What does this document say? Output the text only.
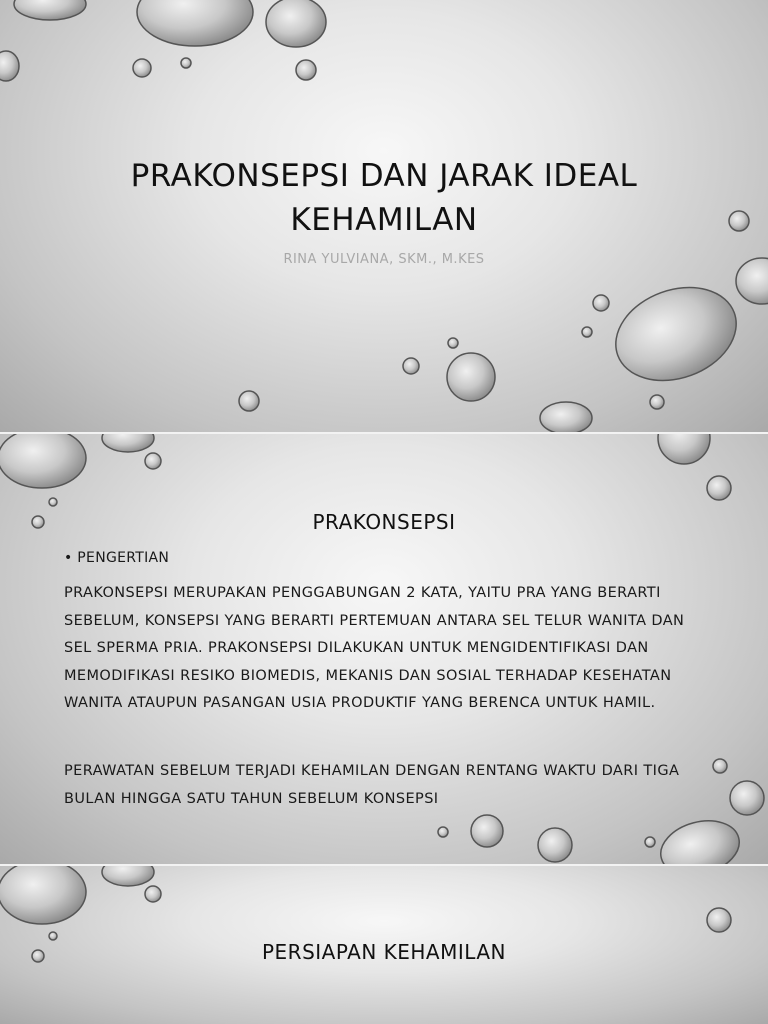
PRAKONSEPSI DAN JARAK IDEAL KEHAMILAN
RINA YULVIANA, SKM., M.KES
PRAKONSEPSI
• PENGERTIAN

PRAKONSEPSI MERUPAKAN PENGGABUNGAN 2 KATA, YAITU PRA YANG BERARTI SEBELUM, KONSEPSI YANG BERARTI PERTEMUAN ANTARA SEL TELUR WANITA DAN SEL SPERMA PRIA. PRAKONSEPSI DILAKUKAN UNTUK MENGIDENTIFIKASI DAN MEMODIFIKASI RESIKO BIOMEDIS, MEKANIS DAN SOSIAL TERHADAP KESEHATAN WANITA ATAUPUN PASANGAN USIA PRODUKTIF YANG BERENCA UNTUK HAMIL.

PERAWATAN SEBELUM TERJADI KEHAMILAN DENGAN RENTANG WAKTU DARI TIGA BULAN HINGGA SATU TAHUN SEBELUM KONSEPSI

PERSIAPAN KEHAMILAN
